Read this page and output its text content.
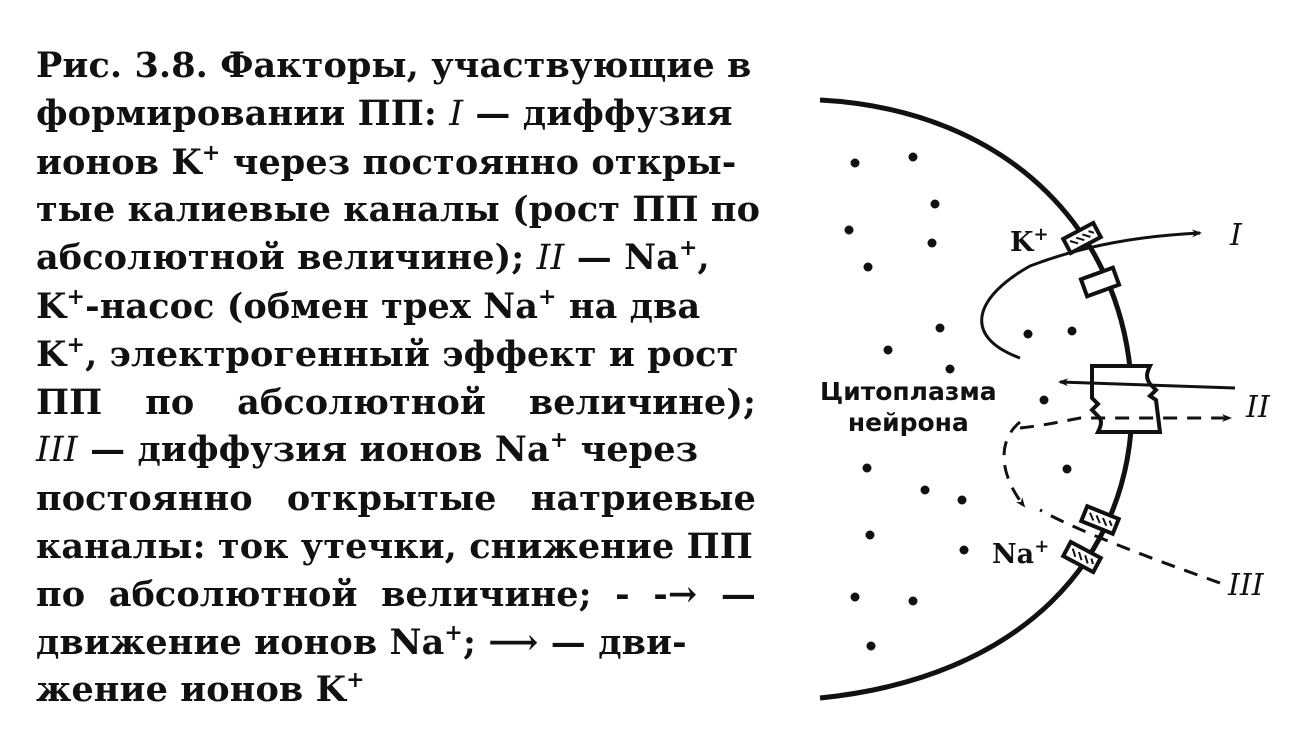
Рис. 3.8. Факторы, участвующие в
формировании ПП: I — диффузия
ионов K+ через постоянно откры-
тые калиевые каналы (рост ПП по
абсолютной величине); II — Na+,
K+-насос (обмен трех Na+ на два
K+, электрогенный эффект и рост
ПП по абсолютной величине);
III — диффузия ионов Na+ через
постоянно открытые натриевые
каналы: ток утечки, снижение ПП
по абсолютной величине; - -→ —
движение ионов Na+; ⟶ — дви-
жение ионов K+
K+
Na+
I
II
III
Цитоплазма
нейрона
